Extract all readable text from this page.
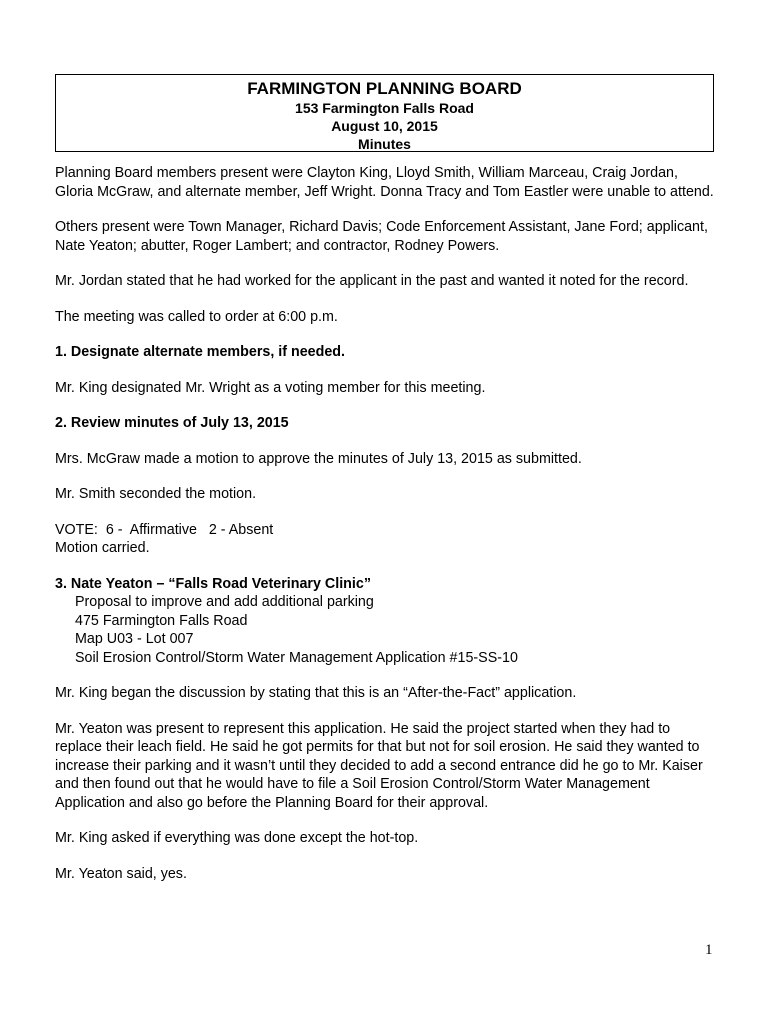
FARMINGTON PLANNING BOARD
153 Farmington Falls Road
August 10, 2015
Minutes

Planning Board members present were Clayton King, Lloyd Smith, William Marceau, Craig Jordan, Gloria McGraw, and alternate member, Jeff Wright. Donna Tracy and Tom Eastler were unable to attend.

Others present were Town Manager, Richard Davis; Code Enforcement Assistant, Jane Ford; applicant, Nate Yeaton; abutter, Roger Lambert; and contractor, Rodney Powers.

Mr. Jordan stated that he had worked for the applicant in the past and wanted it noted for the record.

The meeting was called to order at 6:00 p.m.

1. Designate alternate members, if needed.

Mr. King designated Mr. Wright as a voting member for this meeting.

2. Review minutes of July 13, 2015

Mrs. McGraw made a motion to approve the minutes of July 13, 2015 as submitted.

Mr. Smith seconded the motion.

VOTE:  6 -  Affirmative   2 - Absent

Motion carried.

3. Nate Yeaton – “Falls Road Veterinary Clinic”

Proposal to improve and add additional parking
475 Farmington Falls Road
Map U03 - Lot 007
Soil Erosion Control/Storm Water Management Application #15-SS-10

Mr. King began the discussion by stating that this is an “After-the-Fact” application.

Mr. Yeaton was present to represent this application. He said the project started when they had to replace their leach field. He said he got permits for that but not for soil erosion. He said they wanted to increase their parking and it wasn’t until they decided to add a second entrance did he go to Mr. Kaiser and then found out that he would have to file a Soil Erosion Control/Storm Water Management Application and also go before the Planning Board for their approval.

Mr. King asked if everything was done except the hot-top.

Mr. Yeaton said, yes.

1
